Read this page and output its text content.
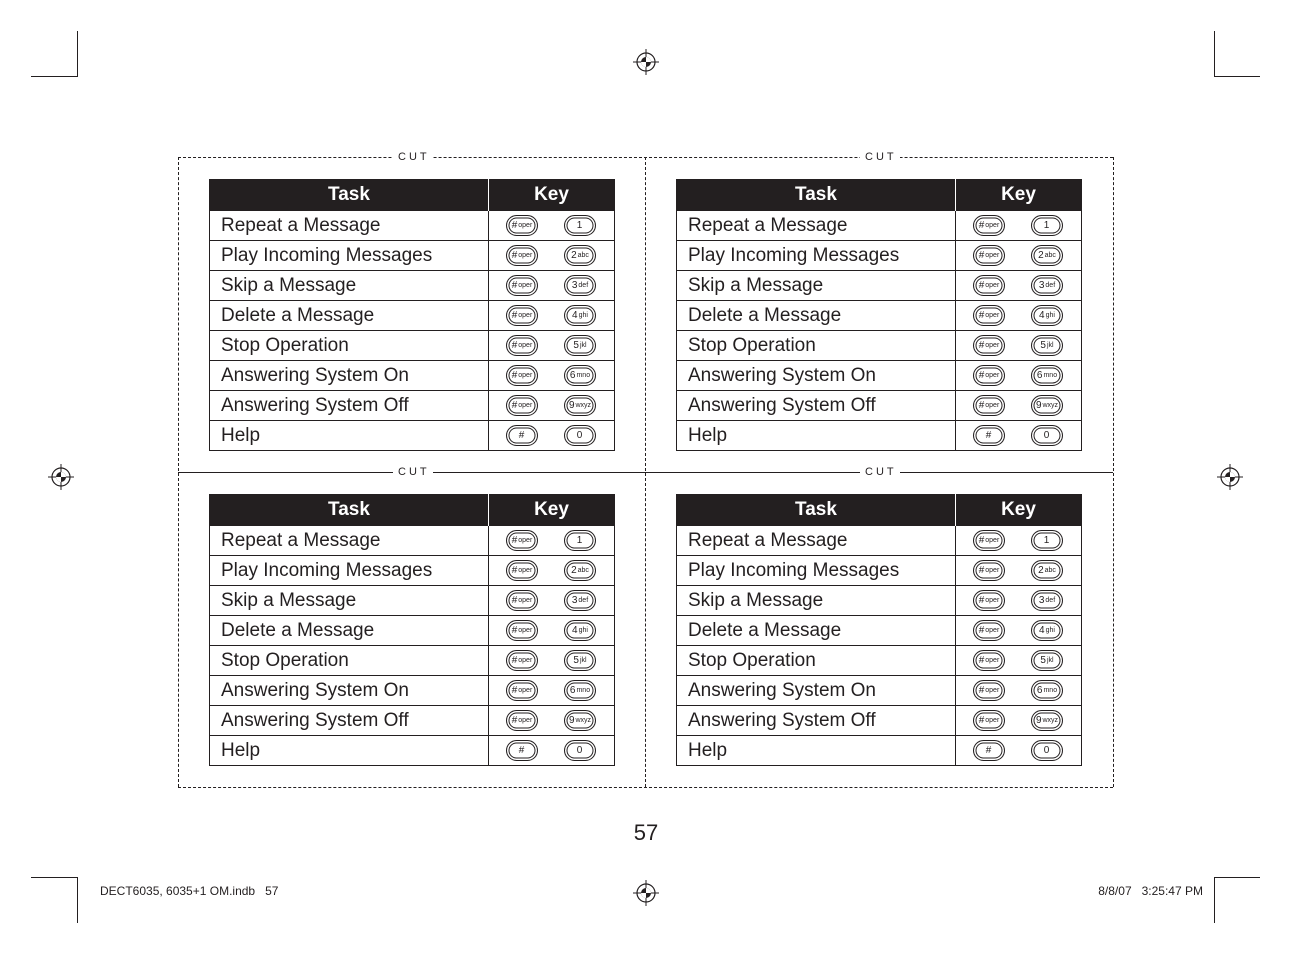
CUT	CUT
CUT	CUT
Task	Key
Repeat a Message	# oper 1

Play Incoming Messages	# oper 2 abc

Skip a Message	# oper 3 def

Delete a Message	# oper 4 ghi

Stop Operation	# oper 5 jkl

Answering System On	# oper 6 mno

Answering System Off	# oper 9 wxyz

Help	# 0
Task	Key
Repeat a Message	# oper 1

Play Incoming Messages	# oper 2 abc

Skip a Message	# oper 3 def

Delete a Message	# oper 4 ghi

Stop Operation	# oper 5 jkl

Answering System On	# oper 6 mno

Answering System Off	# oper 9 wxyz

Help	# 0
Task	Key
Repeat a Message	# oper 1

Play Incoming Messages	# oper 2 abc

Skip a Message	# oper 3 def

Delete a Message	# oper 4 ghi

Stop Operation	# oper 5 jkl

Answering System On	# oper 6 mno

Answering System Off	# oper 9 wxyz

Help	# 0
Task	Key
Repeat a Message	# oper 1

Play Incoming Messages	# oper 2 abc

Skip a Message	# oper 3 def

Delete a Message	# oper 4 ghi

Stop Operation	# oper 5 jkl

Answering System On	# oper 6 mno

Answering System Off	# oper 9 wxyz

Help	# 0
57
DECT6035, 6035+1 OM.indb   57	8/8/07   3:25:47 PM
